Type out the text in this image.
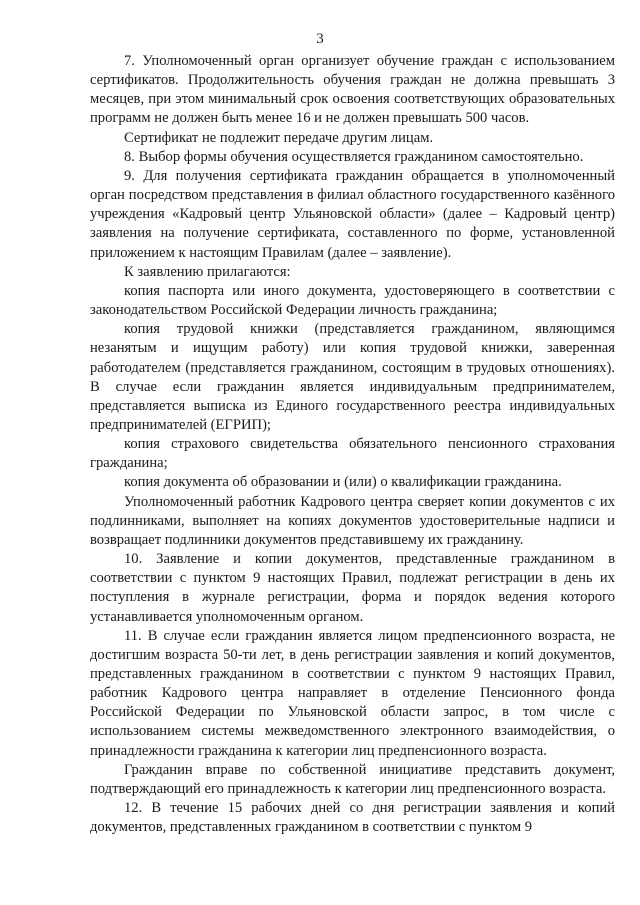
3

7. Уполномоченный орган организует обучение граждан с использованием сертификатов. Продолжительность обучения граждан не должна превышать 3 месяцев, при этом минимальный срок освоения соответствующих образовательных программ не должен быть менее 16 и не должен превышать 500 часов.

Сертификат не подлежит передаче другим лицам.

8. Выбор формы обучения осуществляется гражданином самостоятельно.

9. Для получения сертификата гражданин обращается в уполномоченный орган посредством представления в филиал областного государственного казённого учреждения «Кадровый центр Ульяновской области» (далее – Кадровый центр) заявления на получение сертификата, составленного по форме, установленной приложением к настоящим Правилам (далее – заявление).

К заявлению прилагаются:

копия паспорта или иного документа, удостоверяющего в соответствии с законодательством Российской Федерации личность гражданина;

копия трудовой книжки (представляется гражданином, являющимся незанятым и ищущим работу) или копия трудовой книжки, заверенная работодателем (представляется гражданином, состоящим в трудовых отношениях). В случае если гражданин является индивидуальным предпринимателем, представляется выписка из Единого государственного реестра индивидуальных предпринимателей (ЕГРИП);

копия страхового свидетельства обязательного пенсионного страхования гражданина;

копия документа об образовании и (или) о квалификации гражданина.

Уполномоченный работник Кадрового центра сверяет копии документов с их подлинниками, выполняет на копиях документов удостоверительные надписи и возвращает подлинники документов представившему их гражданину.

10. Заявление и копии документов, представленные гражданином в соответствии с пунктом 9 настоящих Правил, подлежат регистрации в день их поступления в журнале регистрации, форма и порядок ведения которого устанавливается уполномоченным органом.

11. В случае если гражданин является лицом предпенсионного возраста, не достигшим возраста 50-ти лет, в день регистрации заявления и копий документов, представленных гражданином в соответствии с пунктом 9 настоящих Правил, работник Кадрового центра направляет в отделение Пенсионного фонда Российской Федерации по Ульяновской области запрос, в том числе с использованием системы межведомственного электронного взаимодействия, о принадлежности гражданина к категории лиц предпенсионного возраста.

Гражданин вправе по собственной инициативе представить документ, подтверждающий его принадлежность к категории лиц предпенсионного возраста.

12. В течение 15 рабочих дней со дня регистрации заявления и копий документов, представленных гражданином в соответствии с пунктом 9
